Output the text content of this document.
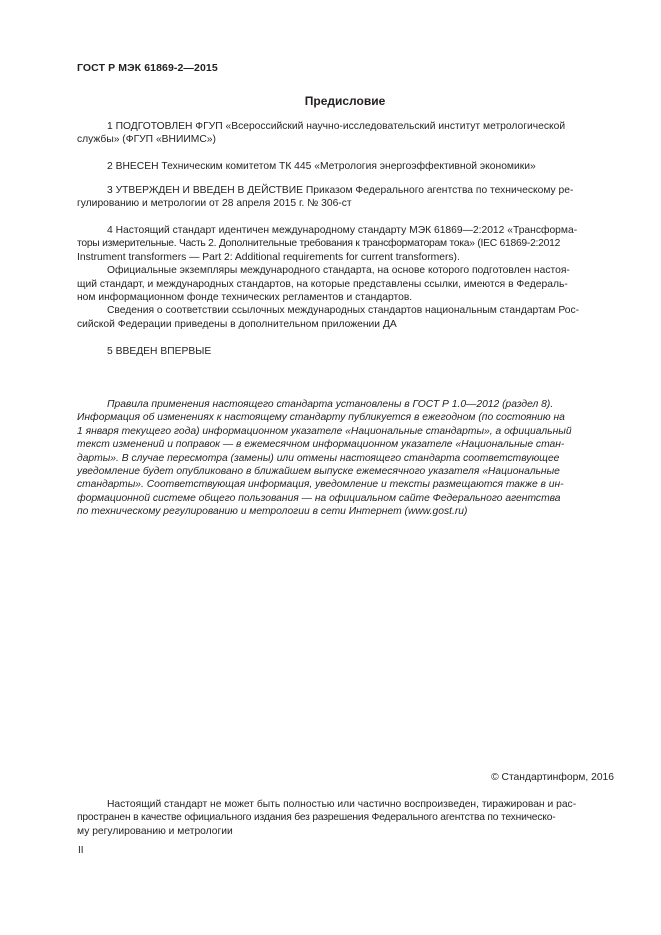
ГОСТ Р МЭК 61869-2—2015
Предисловие
1 ПОДГОТОВЛЕН ФГУП «Всероссийский научно-исследовательский институт метрологической
службы» (ФГУП «ВНИИМС»)
2 ВНЕСЕН Техническим комитетом ТК 445 «Метрология энергоэффективной экономики»
3 УТВЕРЖДЕН И ВВЕДЕН В ДЕЙСТВИЕ Приказом Федерального агентства по техническому ре-
гулированию и метрологии от 28 апреля 2015 г. № 306-ст
4 Настоящий стандарт идентичен международному стандарту МЭК 61869—2:2012 «Трансформа-
торы измерительные. Часть 2. Дополнительные требования к трансформаторам тока» (IEC 61869-2:2012
Instrument transformers — Part 2: Additional requirements for current transformers).
Официальные экземпляры международного стандарта, на основе которого подготовлен настоя-
щий стандарт, и международных стандартов, на которые представлены ссылки, имеются в Федераль-
ном информационном фонде технических регламентов и стандартов.
Сведения о соответствии ссылочных международных стандартов национальным стандартам Рос-
сийской Федерации приведены в дополнительном приложении ДА
5 ВВЕДЕН ВПЕРВЫЕ
Правила применения настоящего стандарта установлены в ГОСТ Р 1.0—2012 (раздел 8).
Информация об изменениях к настоящему стандарту публикуется в ежегодном (по состоянию на
1 января текущего года) информационном указателе «Национальные стандарты», а официальный
текст изменений и поправок — в ежемесячном информационном указателе «Национальные стан-
дарты». В случае пересмотра (замены) или отмены настоящего стандарта соответствующее
уведомление будет опубликовано в ближайшем выпуске ежемесячного указателя «Национальные
стандарты». Соответствующая информация, уведомление и тексты размещаются также в ин-
формационной системе общего пользования — на официальном сайте Федерального агентства
по техническому регулированию и метрологии в сети Интернет (www.gost.ru)
© Стандартинформ, 2016
Настоящий стандарт не может быть полностью или частично воспроизведен, тиражирован и рас-
пространен в качестве официального издания без разрешения Федерального агентства по техническо-
му регулированию и метрологии
II
